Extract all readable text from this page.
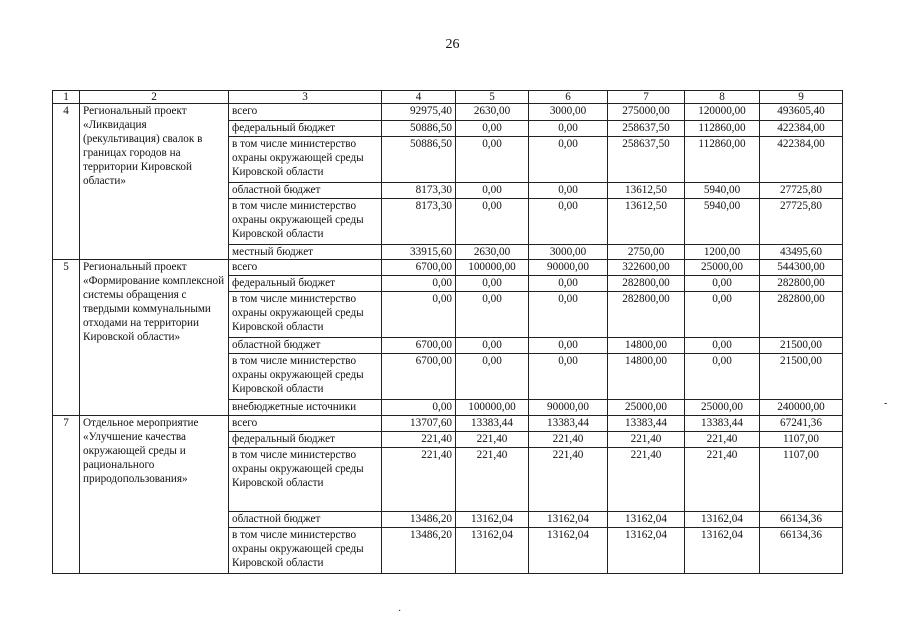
26
1	2	3	4	5	6	7	8	9
4	Региональный проект «Ликвидация (рекультивация) свалок в границах городов на территории Кировской области»	всего	92975,40	2630,00	3000,00	275000,00	120000,00	493605,40
		федеральный бюджет	50886,50	0,00	0,00	258637,50	112860,00	422384,00
		в том числе министерство охраны окружающей среды Кировской области	50886,50	0,00	0,00	258637,50	112860,00	422384,00
		областной бюджет	8173,30	0,00	0,00	13612,50	5940,00	27725,80
		в том числе министерство охраны окружающей среды Кировской области	8173,30	0,00	0,00	13612,50	5940,00	27725,80
		местный бюджет	33915,60	2630,00	3000,00	2750,00	1200,00	43495,60
5	Региональный проект «Формирование комплексной системы обращения с твердыми коммунальными отходами на территории Кировской области»	всего	6700,00	100000,00	90000,00	322600,00	25000,00	544300,00
		федеральный бюджет	0,00	0,00	0,00	282800,00	0,00	282800,00
		в том числе министерство охраны окружающей среды Кировской области	0,00	0,00	0,00	282800,00	0,00	282800,00
		областной бюджет	6700,00	0,00	0,00	14800,00	0,00	21500,00
		в том числе министерство охраны окружающей среды Кировской области	6700,00	0,00	0,00	14800,00	0,00	21500,00
		внебюджетные источники	0,00	100000,00	90000,00	25000,00	25000,00	240000,00
7	Отдельное мероприятие «Улучшение качества окружающей среды и рационального природопользования»	всего	13707,60	13383,44	13383,44	13383,44	13383,44	67241,36
		федеральный бюджет	221,40	221,40	221,40	221,40	221,40	1107,00
		в том числе министерство охраны окружающей среды Кировской области	221,40	221,40	221,40	221,40	221,40	1107,00
		областной бюджет	13486,20	13162,04	13162,04	13162,04	13162,04	66134,36
		в том числе министерство охраны окружающей среды Кировской области	13486,20	13162,04	13162,04	13162,04	13162,04	66134,36
·
-
